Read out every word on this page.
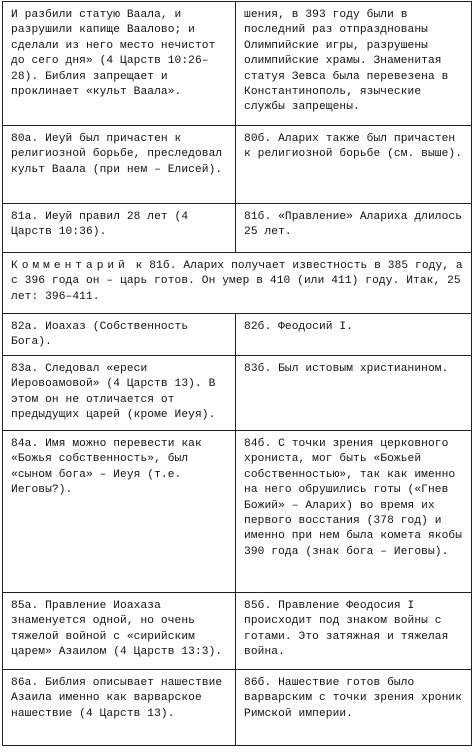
И разбили статую Ваала, и разрушили капище Ваалово; и сделали из него место нечистот до сего дня» (4 Царств 10:26–28). Библия запрещает и проклинает «культ Ваала».	шения, в 393 году были в последний раз отпразднованы Олимпийские игры, разрушены олимпийские храмы. Знаменитая статуя Зевса была перевезена в Константинополь, языческие службы запрещены.

80а. Иеуй был причастен к религиозной борьбе, преследовал культ Ваала (при нем – Елисей).	80б. Аларих также был причастен к религиозной борьбе (см. выше).

81а. Иеуй правил 28 лет (4 Царств 10:36).	81б. «Правление» Алариха длилось 25 лет.

Комментарий к 81б. Аларих получает известность в 385 году, а с 396 года он – царь готов. Он умер в 410 (или 411) году. Итак, 25 лет: 396–411.	

82а. Иоахаз (Собственность Бога).	82б. Феодосий I.

83а. Следовал «ереси Иеровоамовой» (4 Царств 13). В этом он не отличается от предыдущих царей (кроме Иеуя).	83б. Был истовым христианином.

84а. Имя можно перевести как «Божья собственность», был «сыном бога» – Иеуя (т.е. Иеговы?).	84б. С точки зрения церковного хрониста, мог быть «Божьей собственностью», так как именно на него обрушились готы («Гнев Божий» – Аларих) во время их первого восстания (378 год) и именно при нем была комета якобы 390 года (знак бога – Иеговы).

85а. Правление Иоахаза знаменуется одной, но очень тяжелой войной с «сирийским царем» Азаилом (4 Царств 13:3).	85б. Правление Феодосия I происходит под знаком войны с готами. Это затяжная и тяжелая война.

86а. Библия описывает нашествие Азаила именно как варварское нашествие (4 Царств 13).	86б. Нашествие готов было варварским с точки зрения хроник Римской империи.
